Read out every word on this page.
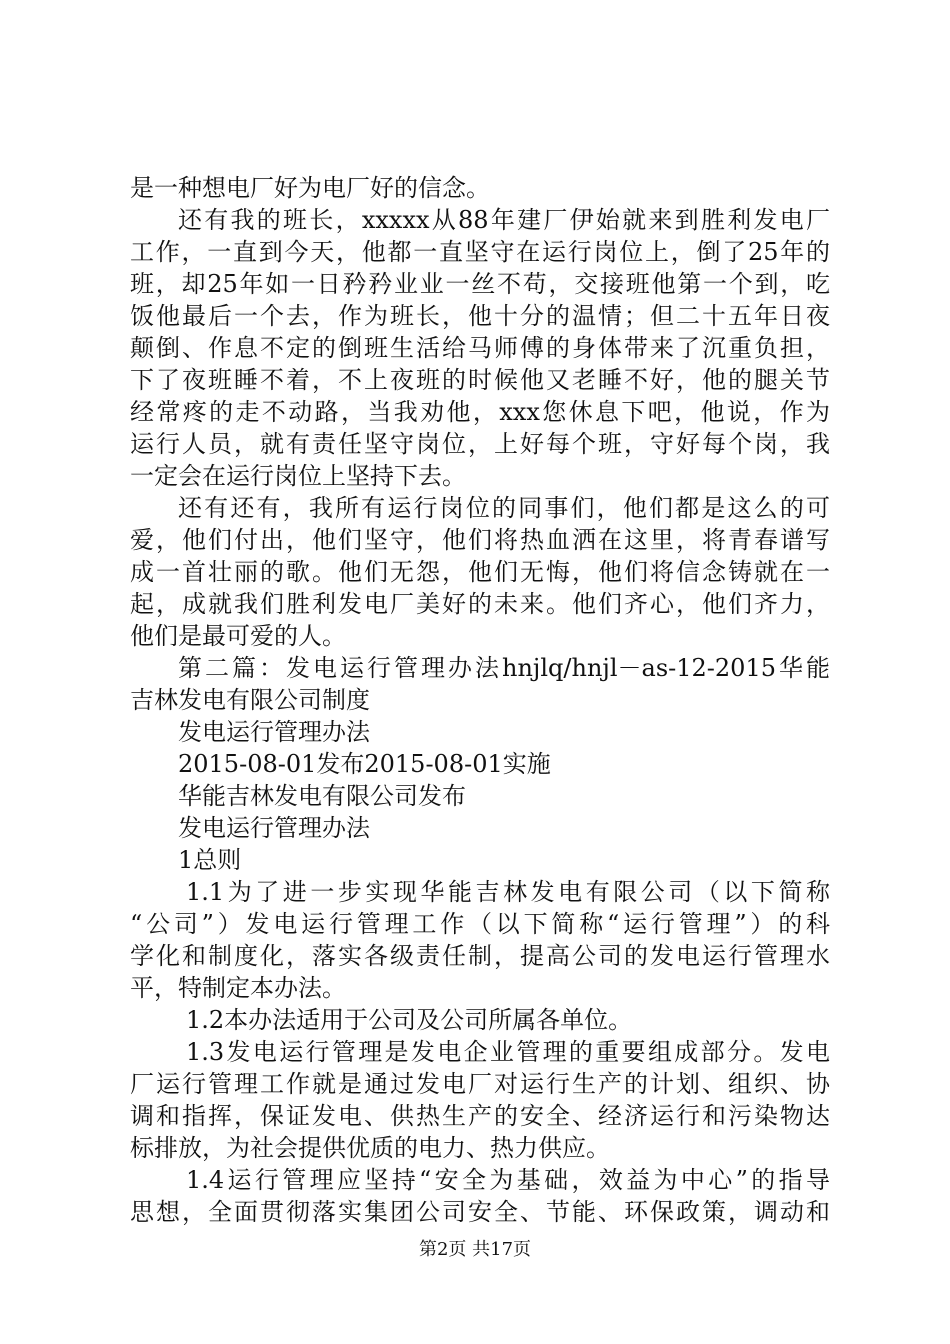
是一种想电厂好为电厂好的信念。
还有我的班长，xxxxx从88年建厂伊始就来到胜利发电厂
工作，一直到今天，他都一直坚守在运行岗位上，倒了25年的
班，却25年如一日矜矜业业一丝不苟，交接班他第一个到，吃
饭他最后一个去，作为班长，他十分的温情；但二十五年日夜
颠倒、作息不定的倒班生活给马师傅的身体带来了沉重负担，
下了夜班睡不着，不上夜班的时候他又老睡不好，他的腿关节
经常疼的走不动路，当我劝他，xxx您休息下吧，他说，作为
运行人员，就有责任坚守岗位，上好每个班，守好每个岗，我
一定会在运行岗位上坚持下去。
还有还有，我所有运行岗位的同事们，他们都是这么的可
爱，他们付出，他们坚守，他们将热血洒在这里，将青春谱写
成一首壮丽的歌。他们无怨，他们无悔，他们将信念铸就在一
起，成就我们胜利发电厂美好的未来。他们齐心，他们齐力，
他们是最可爱的人。
第二篇：发电运行管理办法hnjlq/hnjl－as-12-2015华能
吉林发电有限公司制度
发电运行管理办法
2015-08-01发布2015-08-01实施
华能吉林发电有限公司发布
发电运行管理办法
1总则
1.1为了进一步实现华能吉林发电有限公司（以下简称
“公司”）发电运行管理工作（以下简称“运行管理”）的科
学化和制度化，落实各级责任制，提高公司的发电运行管理水
平，特制定本办法。
1.2本办法适用于公司及公司所属各单位。
1.3发电运行管理是发电企业管理的重要组成部分。发电
厂运行管理工作就是通过发电厂对运行生产的计划、组织、协
调和指挥，保证发电、供热生产的安全、经济运行和污染物达
标排放，为社会提供优质的电力、热力供应。
1.4运行管理应坚持“安全为基础，效益为中心”的指导
思想，全面贯彻落实集团公司安全、节能、环保政策，调动和
第2页 共17页
